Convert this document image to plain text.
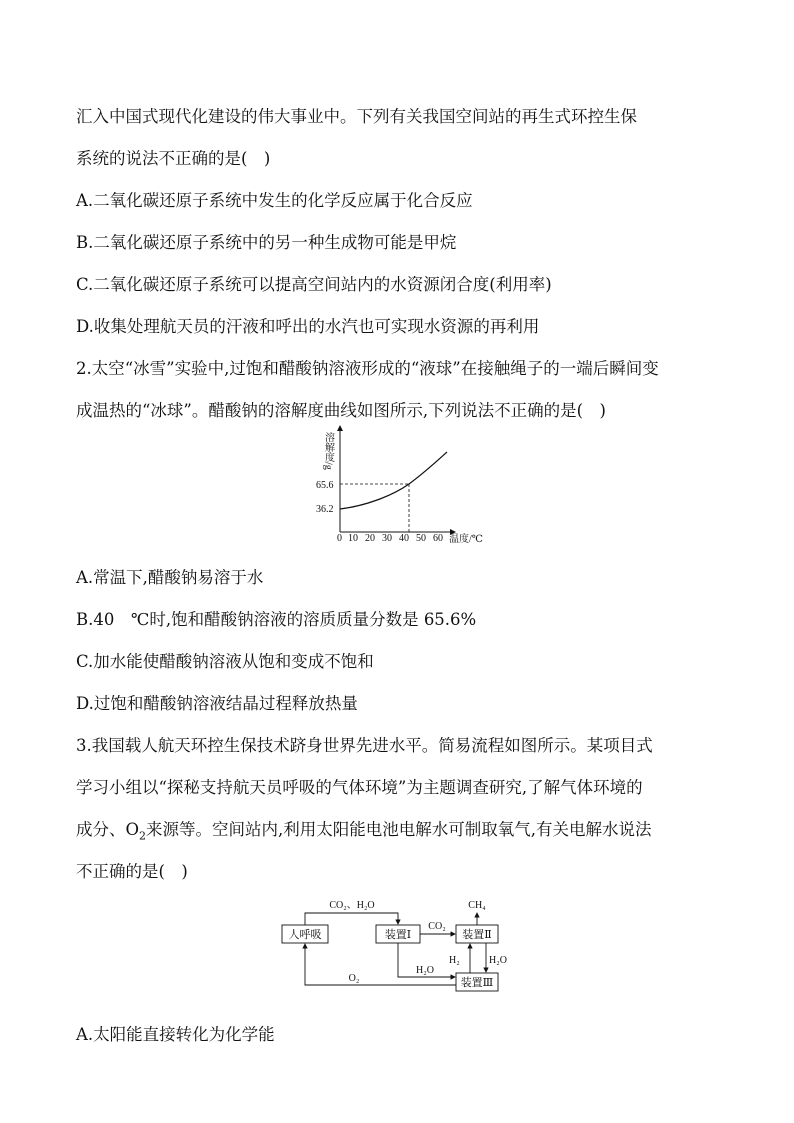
汇入中国式现代化建设的伟大事业中。下列有关我国空间站的再生式环控生保
系统的说法不正确的是(　)
A.二氧化碳还原子系统中发生的化学反应属于化合反应
B.二氧化碳还原子系统中的另一种生成物可能是甲烷
C.二氧化碳还原子系统可以提高空间站内的水资源闭合度(利用率)
D.收集处理航天员的汗液和呼出的水汽也可实现水资源的再利用
2.太空“冰雪”实验中,过饱和醋酸钠溶液形成的“液球”在接触绳子的一端后瞬间变
成温热的“冰球”。醋酸钠的溶解度曲线如图所示,下列说法不正确的是(　)
溶解度/g
65.6
36.2
0 10 20 30 40 50 60 温度/℃
A.常温下,醋酸钠易溶于水
B.40　℃时,饱和醋酸钠溶液的溶质质量分数是 65.6%
C.加水能使醋酸钠溶液从饱和变成不饱和
D.过饱和醋酸钠溶液结晶过程释放热量
3.我国载人航天环控生保技术跻身世界先进水平。简易流程如图所示。某项目式
学习小组以“探秘支持航天员呼吸的气体环境”为主题调查研究,了解气体环境的
成分、$O_2$来源等。空间站内,利用太阳能电池电解水可制取氧气,有关电解水说法
不正确的是(　)
人呼吸	装置Ⅰ	装置Ⅱ
装置Ⅲ
CO₂、H₂O
CO₂
CH₄
H₂	H₂O
H₂O
O₂
A.太阳能直接转化为化学能
